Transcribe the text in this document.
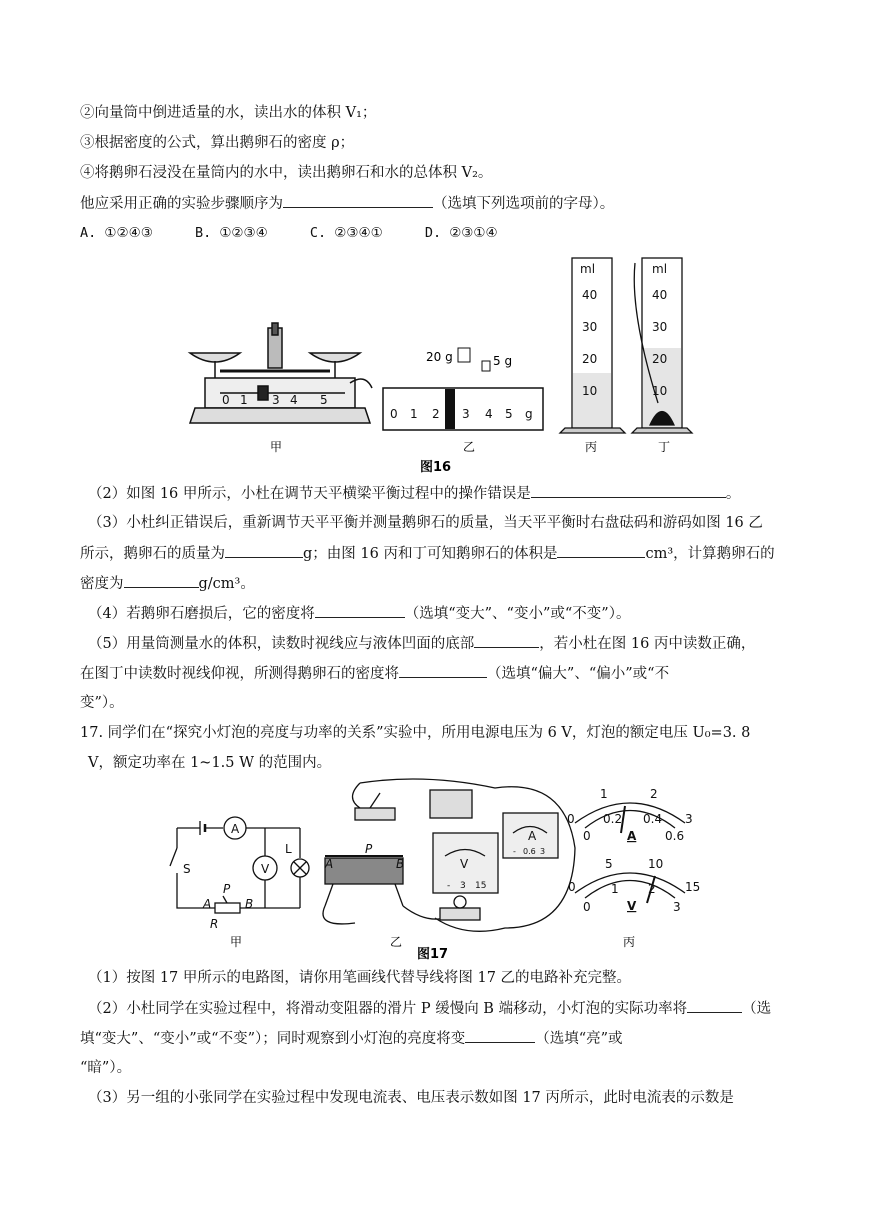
②向量筒中倒进适量的水，读出水的体积 V₁；
③根据密度的公式，算出鹅卵石的密度 ρ；
④将鹅卵石浸没在量筒内的水中，读出鹅卵石和水的总体积 V₂。
他应采用正确的实验步骤顺序为	（选填下列选项前的字母）。
A. ①②④③	B. ①②③④	C. ②③④①	D. ②③①④
0 1 3 4 5
甲
20 g	5 g
0 1 2 3 4 5 g
乙
ml
40
30
20
10
丙
ml
40
30
20
10
丁
图16
（2）如图 16 甲所示，小杜在调节天平横梁平衡过程中的操作错误是	。
（3）小杜纠正错误后，重新调节天平平衡并测量鹅卵石的质量，当天平平衡时右盘砝码和游码如图 16 乙
所示，鹅卵石的质量为	g；由图 16 丙和丁可知鹅卵石的体积是	cm³，计算鹅卵石的
密度为	g/cm³。
（4）若鹅卵石磨损后，它的密度将	（选填“变大”、“变小”或“不变”）。
（5）用量筒测量水的体积，读数时视线应与液体凹面的底部	，若小杜在图 16 丙中读数正确，
在图丁中读数时视线仰视，所测得鹅卵石的密度将	（选填“偏大”、“偏小”或“不
变”）。
17. 同学们在“探究小灯泡的亮度与功率的关系”实验中，所用电源电压为 6 V，灯泡的额定电压 U₀=3. 8
V，额定功率在 1~1.5 W 的范围内。
A
V
L
S
P
A	B
R
甲
A
P
B	V
- 3 15
A
- 0.6 3
乙
图17
0
1	2
3
0
0.2 0.4
0.6
A
0
5	10
15
0
1 2
3
V
丙
（1）按图 17 甲所示的电路图，请你用笔画线代替导线将图 17 乙的电路补充完整。
（2）小杜同学在实验过程中，将滑动变阻器的滑片 P 缓慢向 B 端移动，小灯泡的实际功率将	（选
填“变大”、“变小”或“不变”）；同时观察到小灯泡的亮度将变	（选填“亮”或
“暗”）。
（3）另一组的小张同学在实验过程中发现电流表、电压表示数如图 17 丙所示，此时电流表的示数是
